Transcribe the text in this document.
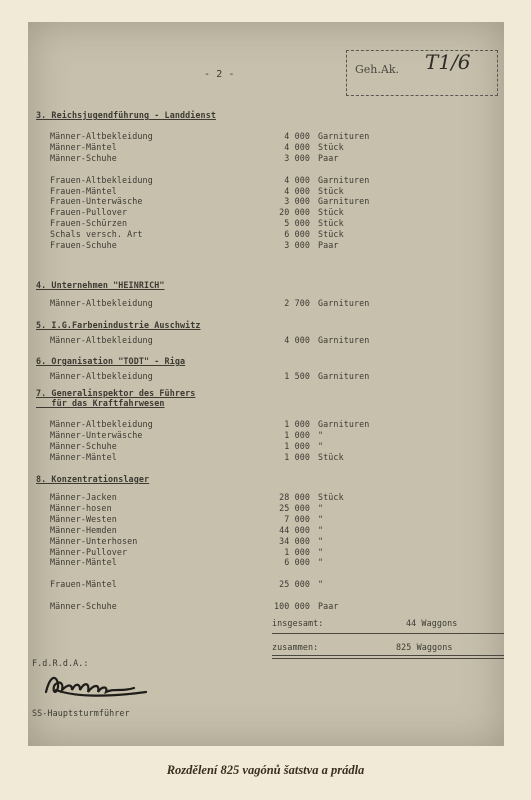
- 2 -	Geh.Ak. T1/6
3. Reichsjugendführung - Landdienst
Männer-Altbekleidung	4 000 Garnituren
Männer-Mäntel	4 000 Stück
Männer-Schuhe	3 000 Paar
Frauen-Altbekleidung	4 000 Garnituren
Frauen-Mäntel	4 000 Stück
Frauen-Unterwäsche	3 000 Garnituren
Frauen-Pullover	20 000 Stück
Frauen-Schürzen	5 000 Stück
Schals versch. Art	6 000 Stück
Frauen-Schuhe	3 000 Paar
4. Unternehmen "HEINRICH"
Männer-Altbekleidung	2 700 Garnituren
5. I.G.Farbenindustrie Auschwitz
Männer-Altbekleidung	4 000 Garnituren
6. Organisation "TODT" - Riga
Männer-Altbekleidung	1 500 Garnituren
7. Generalinspektor des Führers
für das Kraftfahrwesen
Männer-Altbekleidung	1 000 Garnituren
Männer-Unterwäsche	1 000 "
Männer-Schuhe	1 000 "
Männer-Mäntel	1 000 Stück
8. Konzentrationslager
Männer-Jacken	28 000 Stück
Männer-hosen	25 000 "
Männer-Westen	7 000 "
Männer-Hemden	44 000 "
Männer-Unterhosen	34 000 "
Männer-Pullover	1 000 "
Männer-Mäntel	6 000 "
Frauen-Mäntel	25 000 "
Männer-Schuhe	100 000 Paar
insgesamt:	44 Waggons
zusammen:	825 Waggons
F.d.R.d.A.:
SS-Hauptsturmführer
Rozdělení 825 vagónů šatstva a prádla
